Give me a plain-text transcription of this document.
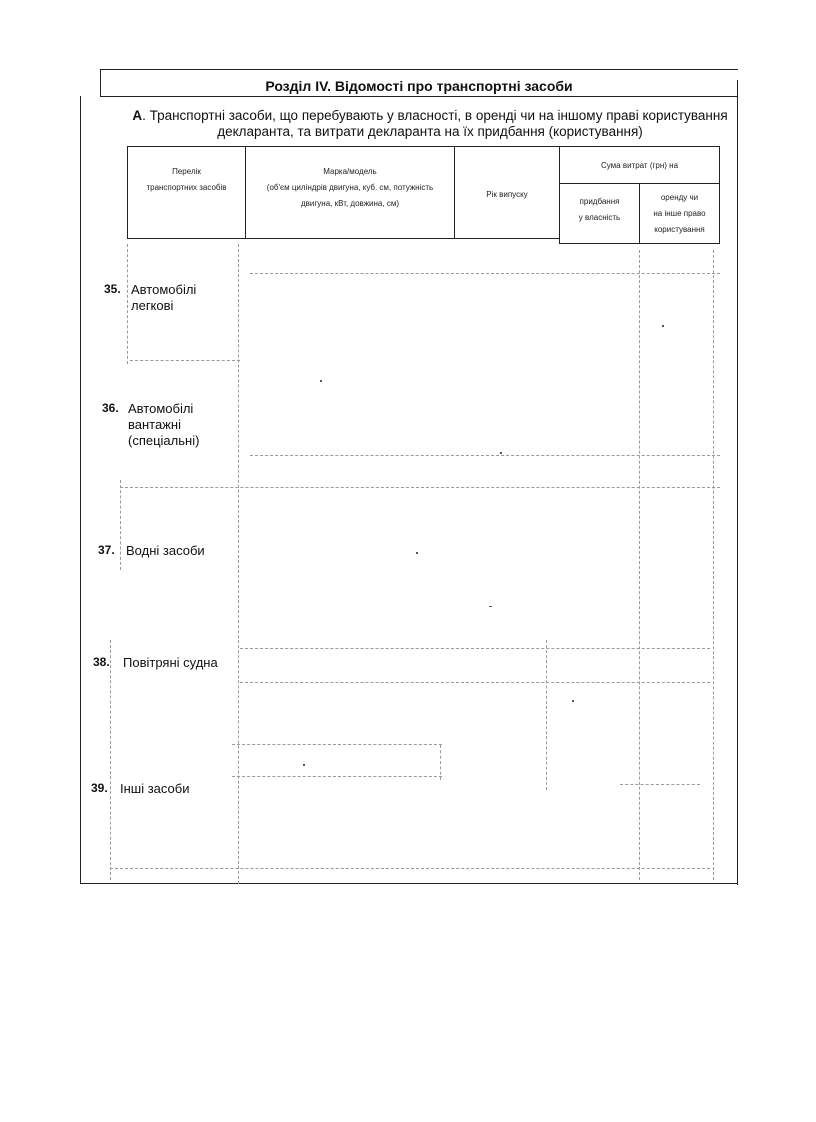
Розділ IV. Відомості про транспортні засоби
А. Транспортні засоби, що перебувають у власності, в оренді чи на іншому праві користування
декларанта, та витрати декларанта на їх придбання (користування)
Перелік
транспортних засобів
Марка/модель
(об'єм циліндрів двигуна, куб. см, потужність
двигуна, кВт, довжина, см)
Рік випуску
Сума витрат (грн) на
придбання
у власність
оренду чи
на інше право
користування
35. Автомобілі
легкові
36. Автомобілі
вантажні
(спеціальні)
37. Водні засоби
38. Повітряні судна
39. Інші засоби
